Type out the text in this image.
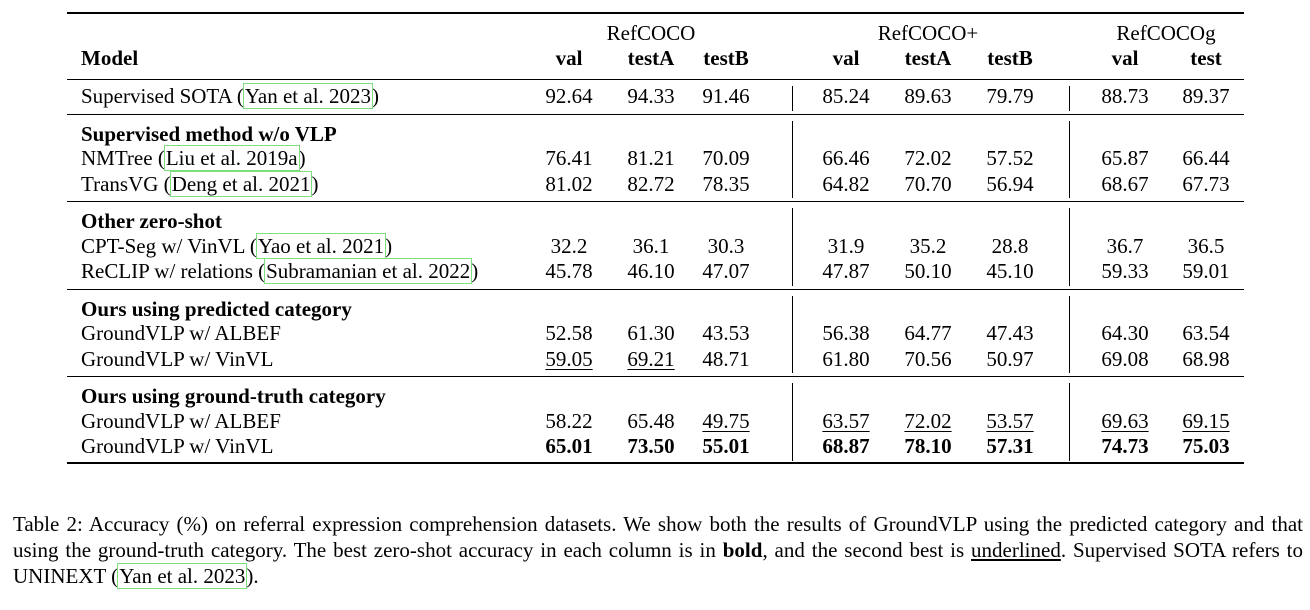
RefCOCO	RefCOCO+	RefCOCOg
Model	val	testA	testB	val	testA	testB	val	test
Supervised SOTA (Yan et al. 2023)	92.64	94.33	91.46	85.24	89.63	79.79	88.73	89.37
Supervised method w/o VLP
NMTree (Liu et al. 2019a)	76.41	81.21	70.09	66.46	72.02	57.52	65.87	66.44
TransVG (Deng et al. 2021)	81.02	82.72	78.35	64.82	70.70	56.94	68.67	67.73
Other zero-shot
CPT-Seg w/ VinVL (Yao et al. 2021)	32.2	36.1	30.3	31.9	35.2	28.8	36.7	36.5
ReCLIP w/ relations (Subramanian et al. 2022)	45.78	46.10	47.07	47.87	50.10	45.10	59.33	59.01
Ours using predicted category
GroundVLP w/ ALBEF	52.58	61.30	43.53	56.38	64.77	47.43	64.30	63.54
GroundVLP w/ VinVL	59.05	69.21	48.71	61.80	70.56	50.97	69.08	68.98
Ours using ground-truth category
GroundVLP w/ ALBEF	58.22	65.48	49.75	63.57	72.02	53.57	69.63	69.15
GroundVLP w/ VinVL	65.01	73.50	55.01	68.87	78.10	57.31	74.73	75.03

Table 2: Accuracy (%) on referral expression comprehension datasets. We show both the results of GroundVLP using the predicted category and that using the ground-truth category. The best zero-shot accuracy in each column is in bold, and the second best is underlined. Supervised SOTA refers to UNINEXT (Yan et al. 2023).
